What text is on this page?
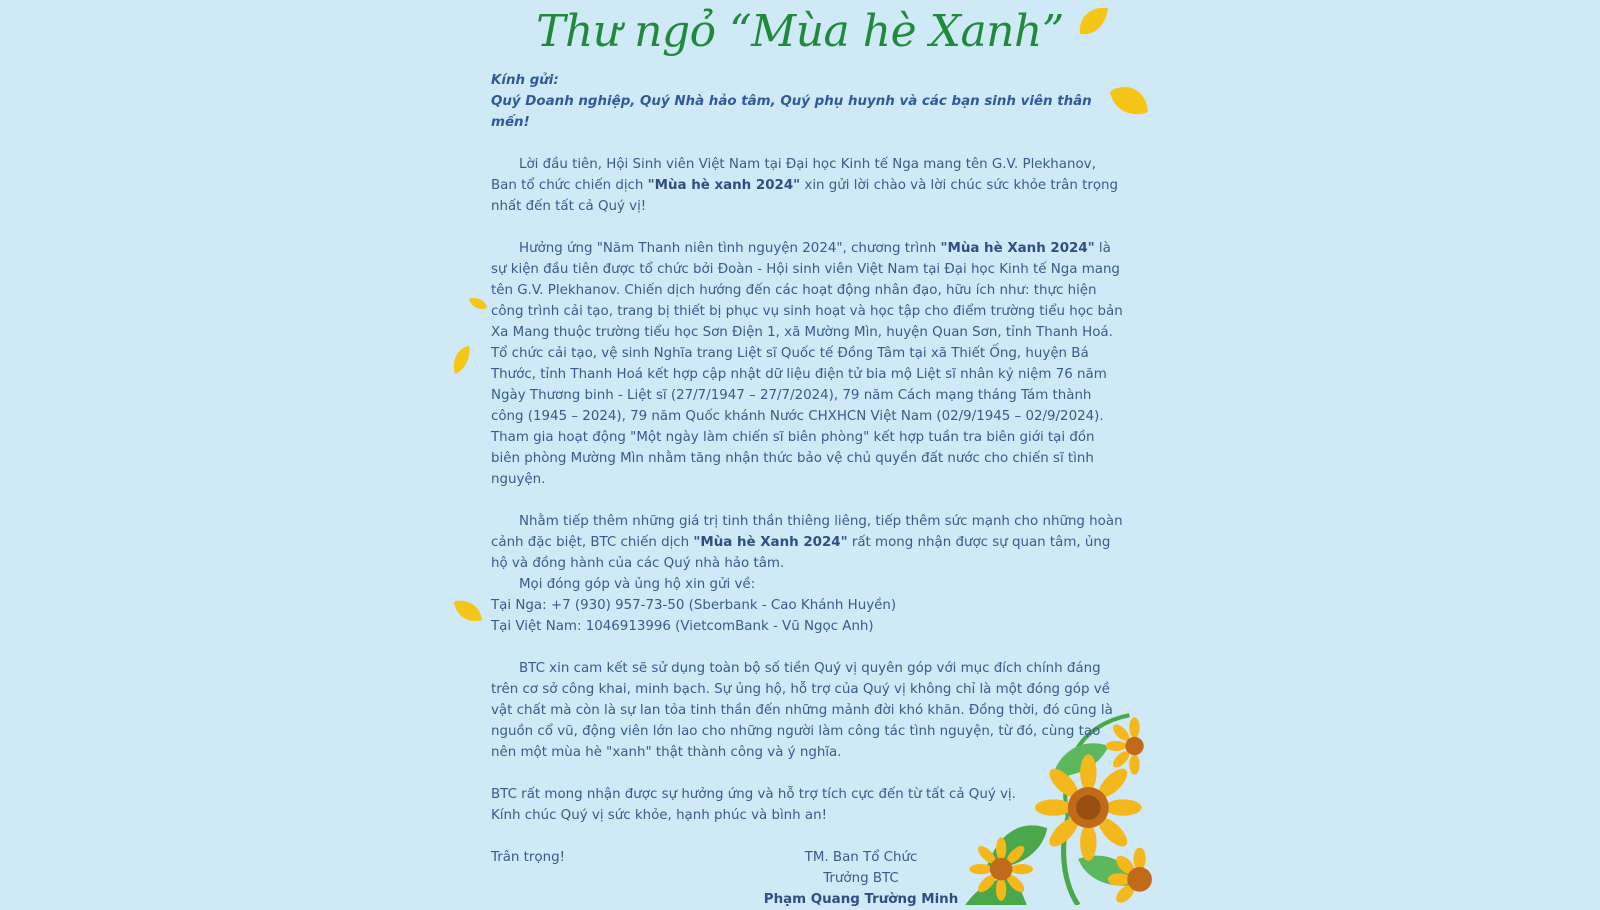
Thư ngỏ “Mùa hè Xanh”

Kính gửi:

Quý Doanh nghiệp, Quý Nhà hảo tâm, Quý phụ huynh và các bạn sinh viên thân mến!

Lời đầu tiên, Hội Sinh viên Việt Nam tại Đại học Kinh tế Nga mang tên G.V. Plekhanov, Ban tổ chức chiến dịch "Mùa hè xanh 2024" xin gửi lời chào và lời chúc sức khỏe trân trọng nhất đến tất cả Quý vị!

Hưởng ứng "Năm Thanh niên tình nguyện 2024", chương trình "Mùa hè Xanh 2024" là sự kiện đầu tiên được tổ chức bởi Đoàn - Hội sinh viên Việt Nam tại Đại học Kinh tế Nga mang tên G.V. Plekhanov. Chiến dịch hướng đến các hoạt động nhân đạo, hữu ích như: thực hiện công trình cải tạo, trang bị thiết bị phục vụ sinh hoạt và học tập cho điểm trường tiểu học bản Xa Mang thuộc trường tiểu học Sơn Điện 1, xã Mường Mìn, huyện Quan Sơn, tỉnh Thanh Hoá. Tổ chức cải tạo, vệ sinh Nghĩa trang Liệt sĩ Quốc tế Đồng Tâm tại xã Thiết Ống, huyện Bá Thước, tỉnh Thanh Hoá kết hợp cập nhật dữ liệu điện tử bia mộ Liệt sĩ nhân kỷ niệm 76 năm Ngày Thương binh - Liệt sĩ (27/7/1947 – 27/7/2024), 79 năm Cách mạng tháng Tám thành công (1945 – 2024), 79 năm Quốc khánh Nước CHXHCN Việt Nam (02/9/1945 – 02/9/2024). Tham gia hoạt động "Một ngày làm chiến sĩ biên phòng" kết hợp tuần tra biên giới tại đồn biên phòng Mường Mìn nhằm tăng nhận thức bảo vệ chủ quyền đất nước cho chiến sĩ tình nguyện.

Nhằm tiếp thêm những giá trị tinh thần thiêng liêng, tiếp thêm sức mạnh cho những hoàn cảnh đặc biệt, BTC chiến dịch "Mùa hè Xanh 2024" rất mong nhận được sự quan tâm, ủng hộ và đồng hành của các Quý nhà hảo tâm.

Mọi đóng góp và ủng hộ xin gửi về:

Tại Nga: +7 (930) 957-73-50 (Sberbank - Cao Khánh Huyền)

Tại Việt Nam: 1046913996 (VietcomBank - Vũ Ngọc Anh)

BTC xin cam kết sẽ sử dụng toàn bộ số tiền Quý vị quyên góp với mục đích chính đáng trên cơ sở công khai, minh bạch. Sự ủng hộ, hỗ trợ của Quý vị không chỉ là một đóng góp về vật chất mà còn là sự lan tỏa tinh thần đến những mảnh đời khó khăn. Đồng thời, đó cũng là nguồn cổ vũ, động viên lớn lao cho những người làm công tác tình nguyện, từ đó, cùng tạo nên một mùa hè "xanh" thật thành công và ý nghĩa.

BTC rất mong nhận được sự hưởng ứng và hỗ trợ tích cực đến từ tất cả Quý vị.

Kính chúc Quý vị sức khỏe, hạnh phúc và bình an!

Trân trọng!	TM. Ban Tổ Chức
Trưởng BTC
Phạm Quang Trường Minh
